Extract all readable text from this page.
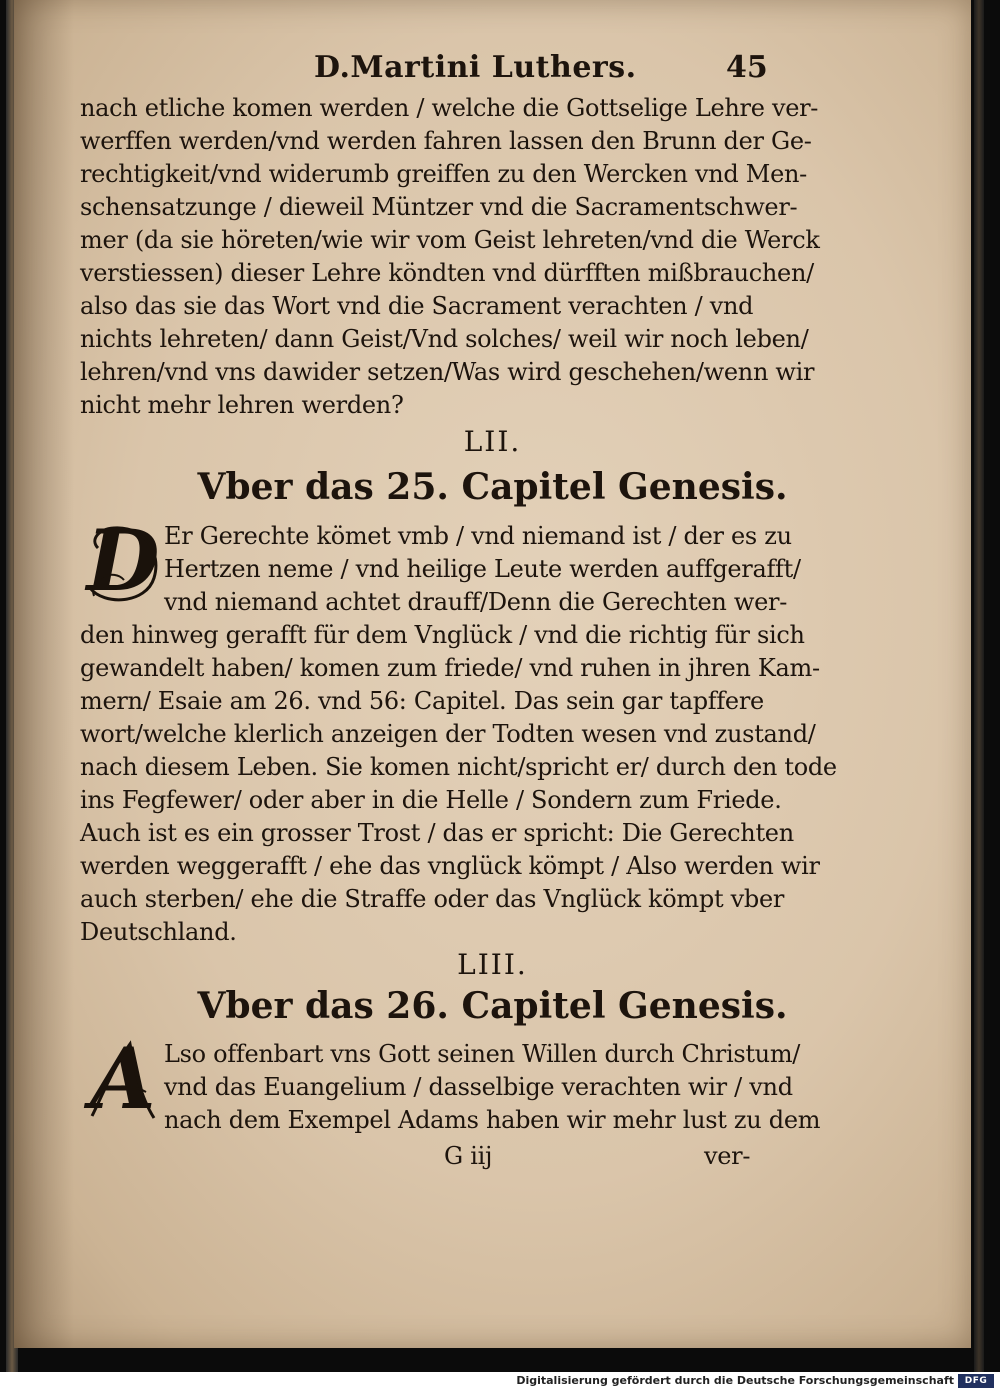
D.Martini Luthers.	45
nach etliche komen werden / welche die Gottselige Lehre ver-
werffen werden/vnd werden fahren lassen den Brunn der Ge-
rechtigkeit/vnd widerumb greiffen zu den Wercken vnd Men-
schensatzunge / dieweil Müntzer vnd die Sacramentschwer-
mer (da sie höreten/wie wir vom Geist lehreten/vnd die Werck
verstiessen) dieser Lehre köndten vnd dürfften mißbrauchen/
also das sie das Wort vnd die Sacrament verachten / vnd
nichts lehreten/ dann Geist/Vnd solches/ weil wir noch leben/
lehren/vnd vns dawider setzen/Was wird geschehen/wenn wir
nicht mehr lehren werden?
LII.
Vber das 25. Capitel Genesis.
D Er Gerechte kömet vmb / vnd niemand ist / der es zu
Hertzen neme / vnd heilige Leute werden auffgerafft/
vnd niemand achtet drauff/Denn die Gerechten wer-
den hinweg gerafft für dem Vnglück / vnd die richtig für sich
gewandelt haben/ komen zum friede/ vnd ruhen in jhren Kam-
mern/ Esaie am 26. vnd 56: Capitel. Das sein gar tapffere
wort/welche klerlich anzeigen der Todten wesen vnd zustand/
nach diesem Leben. Sie komen nicht/spricht er/ durch den tode
ins Fegfewer/ oder aber in die Helle / Sondern zum Friede.
Auch ist es ein grosser Trost / das er spricht: Die Gerechten
werden weggerafft / ehe das vnglück kömpt / Also werden wir
auch sterben/ ehe die Straffe oder das Vnglück kömpt vber
Deutschland.
LIII.
Vber das 26. Capitel Genesis.
A Lso offenbart vns Gott seinen Willen durch Christum/
vnd das Euangelium / dasselbige verachten wir / vnd
nach dem Exempel Adams haben wir mehr lust zu dem
G iij	ver-
Digitalisierung gefördert durch die Deutsche Forschungsgemeinschaft	DFG
